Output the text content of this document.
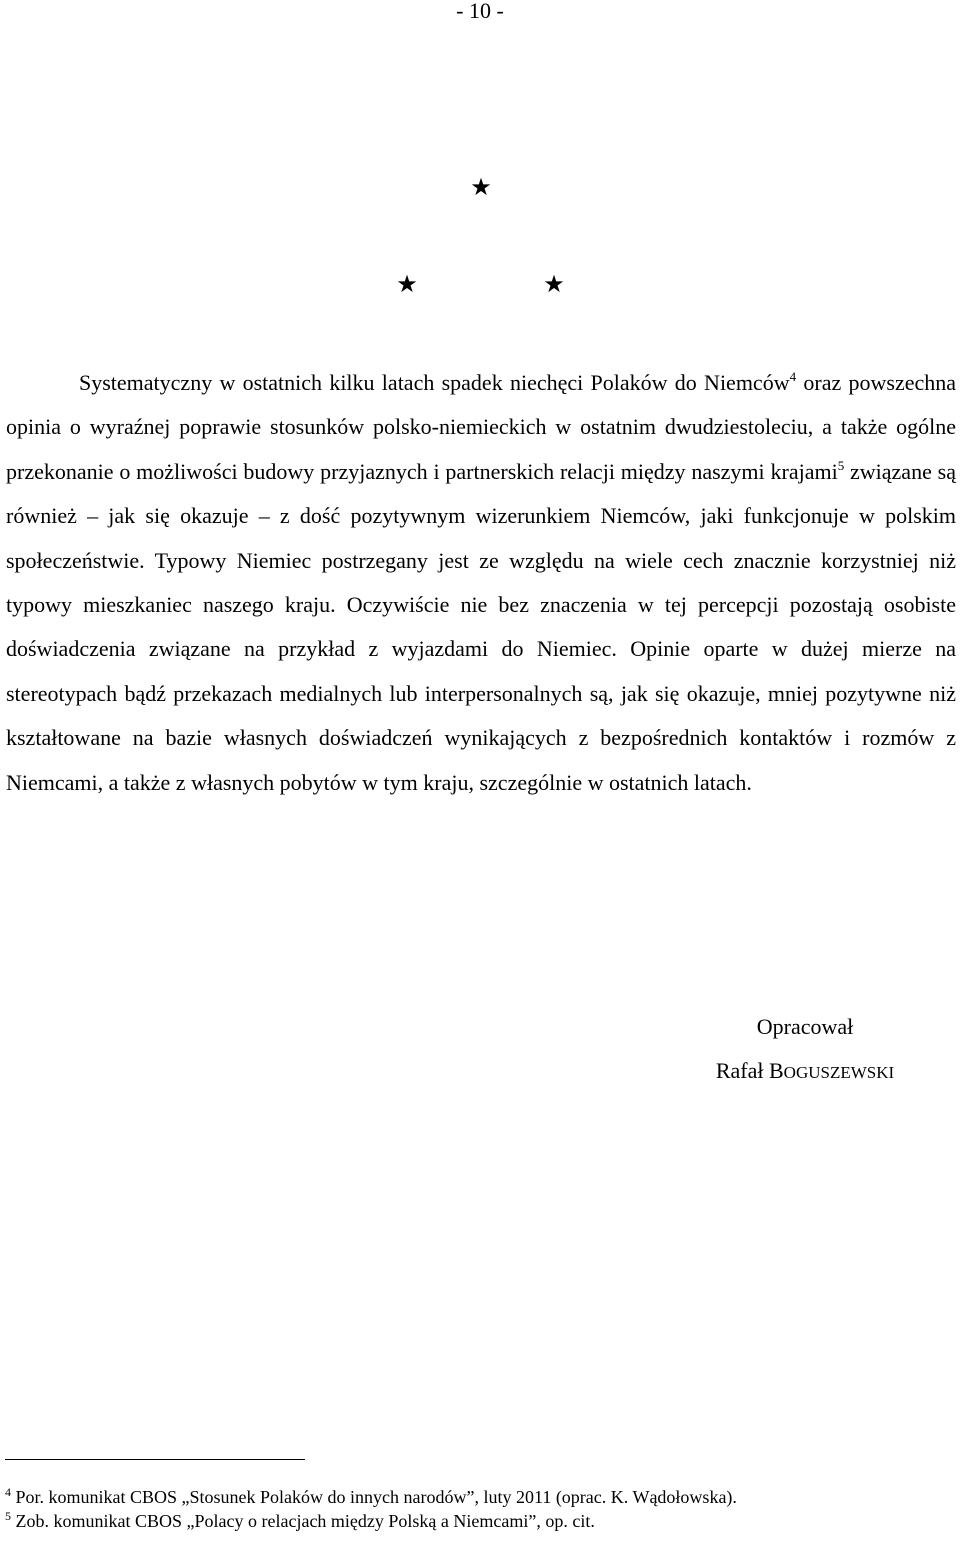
- 10 -
★
★	★

Systematyczny w ostatnich kilku latach spadek niechęci Polaków do Niemców$^4$ oraz powszechna opinia o wyraźnej poprawie stosunków polsko-niemieckich w ostatnim dwudziestoleciu, a także ogólne przekonanie o możliwości budowy przyjaznych i partnerskich relacji między naszymi krajami$^5$ związane są również – jak się okazuje – z dość pozytywnym wizerunkiem Niemców, jaki funkcjonuje w polskim społeczeństwie. Typowy Niemiec postrzegany jest ze względu na wiele cech znacznie korzystniej niż typowy mieszkaniec naszego kraju. Oczywiście nie bez znaczenia w tej percepcji pozostają osobiste doświadczenia związane na przykład z wyjazdami do Niemiec. Opinie oparte w dużej mierze na stereotypach bądź przekazach medialnych lub interpersonalnych są, jak się okazuje, mniej pozytywne niż kształtowane na bazie własnych doświadczeń wynikających z bezpośrednich kontaktów i rozmów z Niemcami, a także z własnych pobytów w tym kraju, szczególnie w ostatnich latach.

Opracował
Rafał BOGUSZEWSKI
$^4$ Por. komunikat CBOS „Stosunek Polaków do innych narodów”, luty 2011 (oprac. K. Wądołowska).
$^5$ Zob. komunikat CBOS „Polacy o relacjach między Polską a Niemcami”, op. cit.
